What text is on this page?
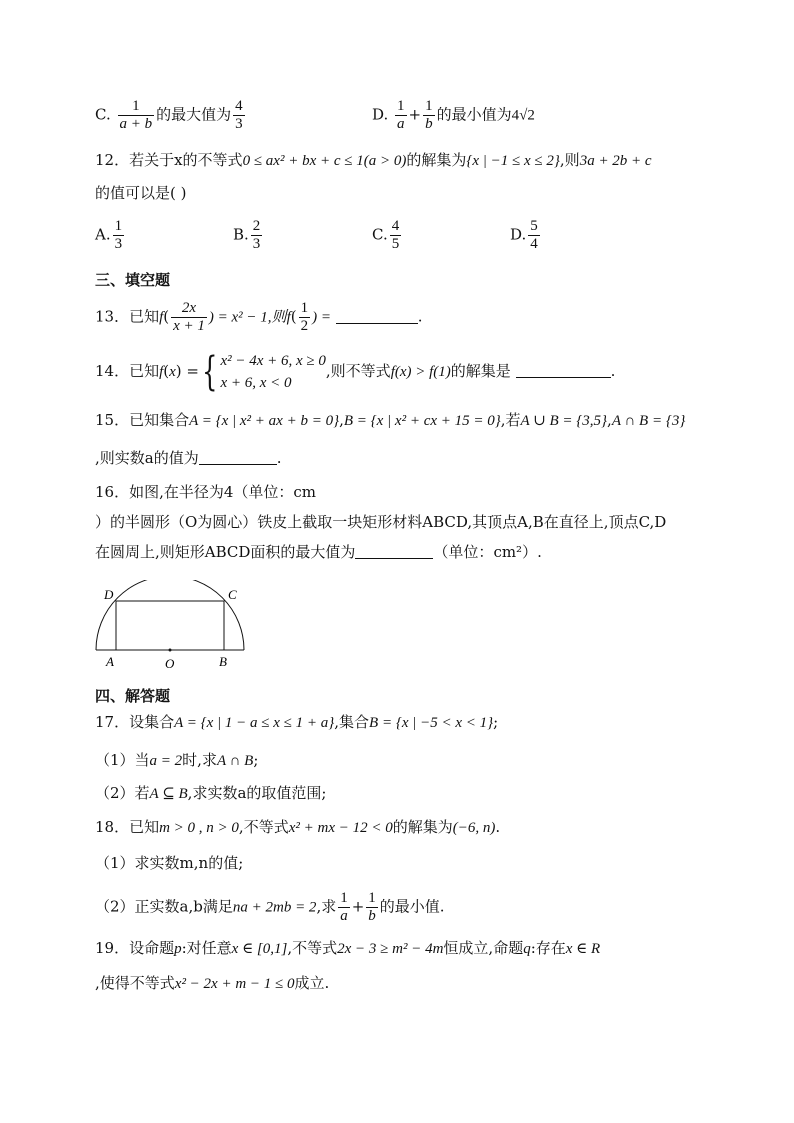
C. $\frac{1}{a + b}$ 的最大值为 $\frac{4}{3}$	D. $\frac{1}{a} + \frac{1}{b}$ 的最小值为4√2
12．若关于x的不等式0 ≤ ax² + bx + c ≤ 1(a > 0)的解集为{x | −1 ≤ x ≤ 2},则3a + 2b + c
的值可以是( )
A. $\frac{1}{3}$	B. $\frac{2}{3}$	C. $\frac{4}{5}$	D. $\frac{5}{4}$
三、填空题
13．已知$f( \frac{2x}{x + 1}$ ) = x² − 1,则$f( \frac{1}{2}$ ) =	.
14．已知f(x) ={ x² − 4x + 6, x ≥ 0
x + 6, x < 0
,则不等式f(x) > f(1)的解集是	.
15．已知集合A = {x | x² + ax + b = 0},B = {x | x² + cx + 15 = 0},若A ∪ B = {3,5},A ∩ B = {3}
,则实数a的值为	.
16．如图,在半径为4（单位：cm
）的半圆形（O为圆心）铁皮上截取一块矩形材料ABCD,其顶点A,B在直径上,顶点C,D
在圆周上,则矩形ABCD面积的最大值为	（单位：cm²）.
D	C
A	O	B
四、解答题
17．设集合A = {x | 1 − a ≤ x ≤ 1 + a},集合B = {x | −5 < x < 1};
（1）当a = 2时,求A ∩ B;
（2）若A ⊆ B,求实数a的取值范围;
18．已知m > 0 , n > 0,不等式x² + mx − 12 < 0的解集为(−6, n).
（1）求实数m,n的值;
（2）正实数a,b满足na + 2mb = 2,求 $\frac{1}{a} + \frac{1}{b}$ 的最小值.
19．设命题p:对任意x ∈ [0,1],不等式2x − 3 ≥ m² − 4m恒成立,命题q:存在x ∈ R
,使得不等式x² − 2x + m − 1 ≤ 0成立.
